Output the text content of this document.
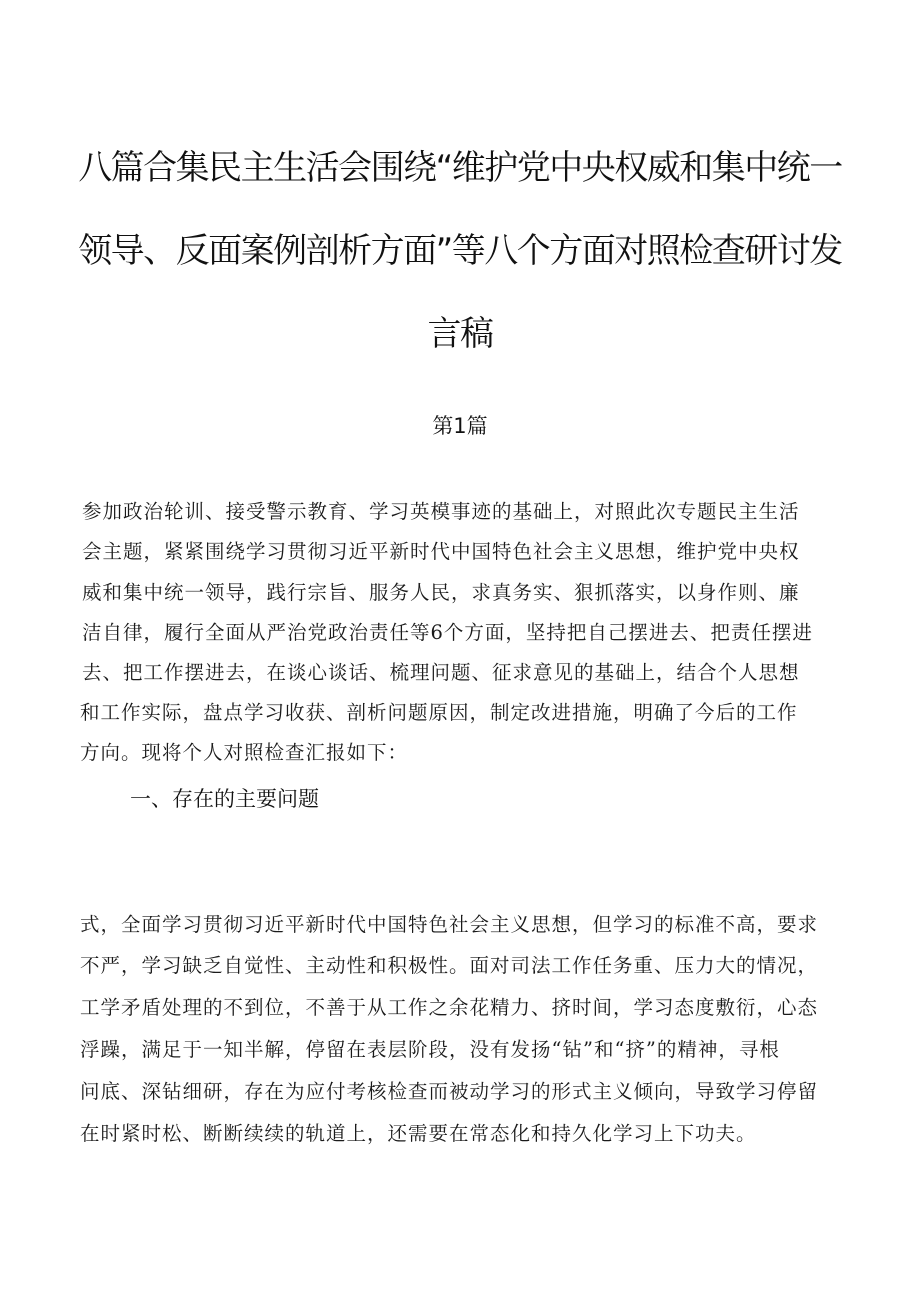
八篇合集民主生活会围绕“维护党中央权威和集中统一
领导、反面案例剖析方面”等八个方面对照检查研讨发
言稿
第1篇
参加政治轮训、接受警示教育、学习英模事迹的基础上，对照此次专题民主生活
会主题，紧紧围绕学习贯彻习近平新时代中国特色社会主义思想，维护党中央权
威和集中统一领导，践行宗旨、服务人民，求真务实、狠抓落实，以身作则、廉
洁自律，履行全面从严治党政治责任等6个方面，坚持把自己摆进去、把责任摆进
去、把工作摆进去，在谈心谈话、梳理问题、征求意见的基础上，结合个人思想
和工作实际，盘点学习收获、剖析问题原因，制定改进措施，明确了今后的工作
方向。现将个人对照检查汇报如下：
一、存在的主要问题
式，全面学习贯彻习近平新时代中国特色社会主义思想，但学习的标准不高，要求
不严，学习缺乏自觉性、主动性和积极性。面对司法工作任务重、压力大的情况，
工学矛盾处理的不到位，不善于从工作之余花精力、挤时间，学习态度敷衍，心态
浮躁，满足于一知半解，停留在表层阶段，没有发扬“钻”和“挤”的精神，寻根
问底、深钻细研，存在为应付考核检查而被动学习的形式主义倾向，导致学习停留
在时紧时松、断断续续的轨道上，还需要在常态化和持久化学习上下功夫。
